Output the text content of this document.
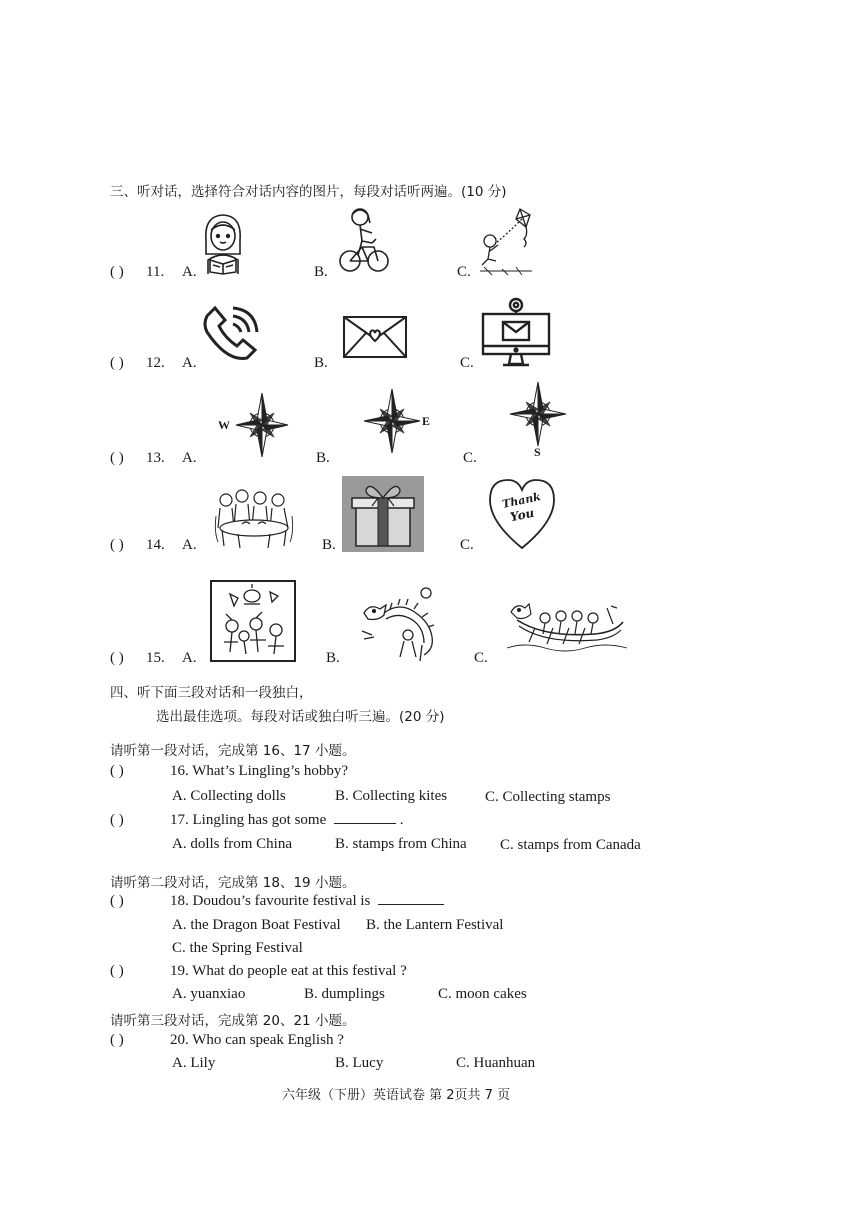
三、听对话，选择符合对话内容的图片，每段对话听两遍。(10 分)
( ) 11. A.	B.	C.
( ) 12. A.	B.	C.
( ) 13. A.	B.	C.
W	E
S
( ) 14. A.	B.	C.
Thank
You
( ) 15. A.	B.	C.
四、听下面三段对话和一段独白，
选出最佳选项。每段对话或独白听三遍。(20 分)
请听第一段对话，完成第 16、17 小题。
( )	16. What’s Lingling’s hobby?
A. Collecting dolls	B. Collecting kites	C. Collecting stamps
( )	17. Lingling has got some	.
A. dolls from China	B. stamps from China C. stamps from Canada
请听第二段对话，完成第 18、19 小题。
( )	18. Doudou’s favourite festival is
A. the Dragon Boat Festival B. the Lantern Festival
C. the Spring Festival
( )	19. What do people eat at this festival ?
A. yuanxiao	B. dumplings	C. moon cakes
请听第三段对话，完成第 20、21 小题。
( )	20. Who can speak English ?
A. Lily	B. Lucy	C. Huanhuan
六年级（下册）英语试卷 第 2页共 7 页
